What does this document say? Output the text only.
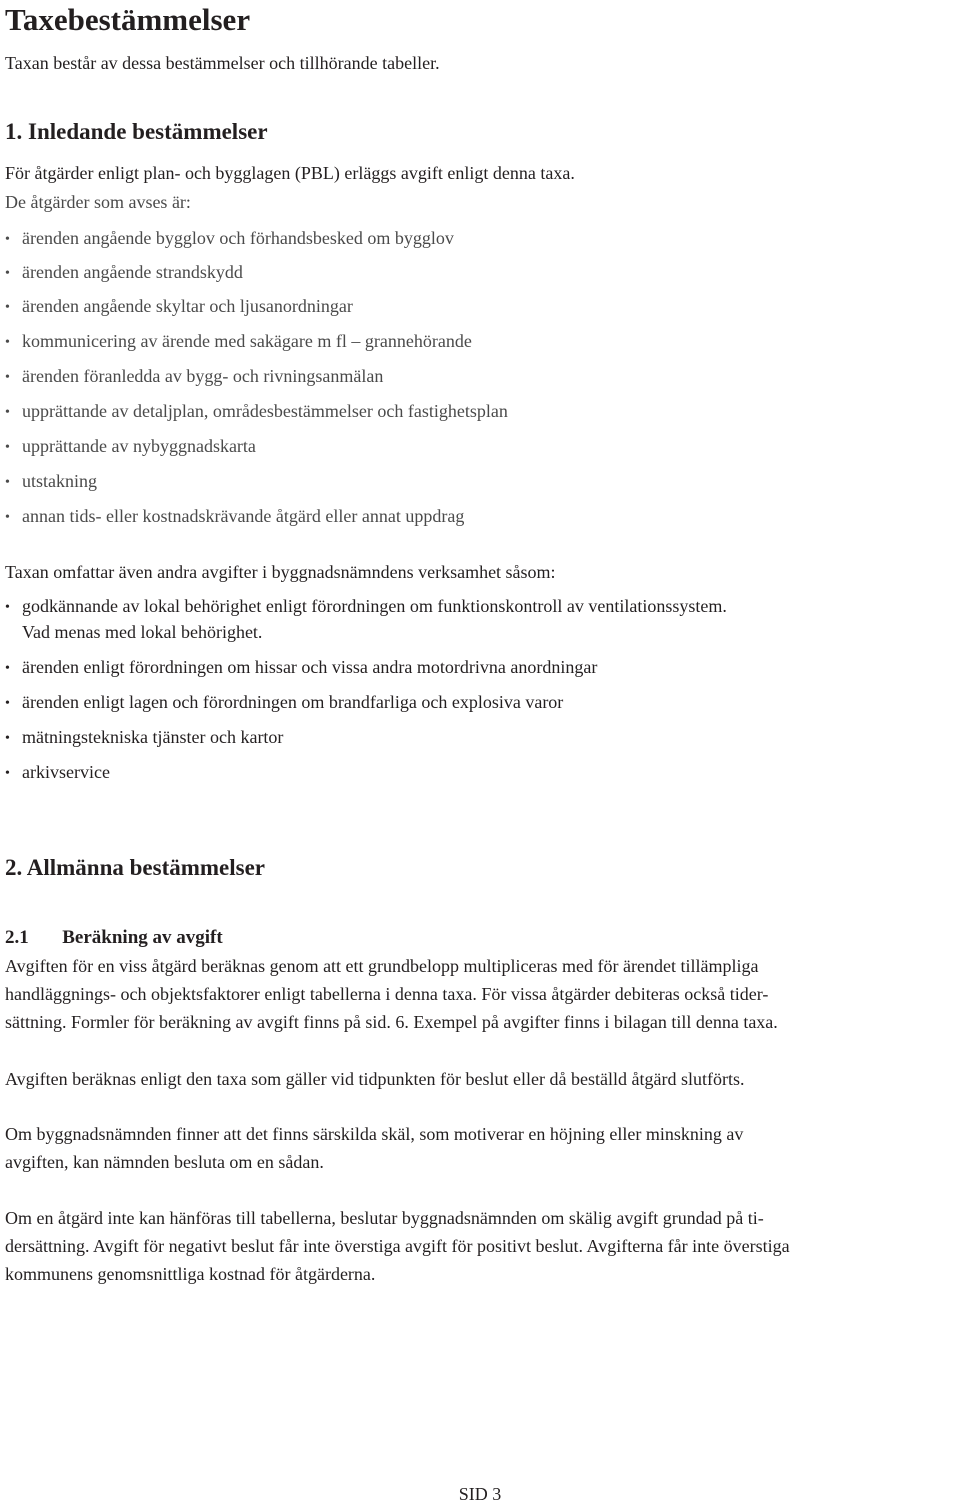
Taxebestämmelser

Taxan består av dessa bestämmelser och tillhörande tabeller.

1. Inledande bestämmelser

För åtgärder enligt plan- och bygglagen (PBL) erläggs avgift enligt denna taxa.

De åtgärder som avses är:

• ärenden angående bygglov och förhandsbesked om bygglov
• ärenden angående strandskydd
• ärenden angående skyltar och ljusanordningar
• kommunicering av ärende med sakägare m fl – grannehörande
• ärenden föranledda av bygg- och rivningsanmälan
• upprättande av detaljplan, områdesbestämmelser och fastighetsplan
• upprättande av nybyggnadskarta
• utstakning
• annan tids- eller kostnadskrävande åtgärd eller annat uppdrag

Taxan omfattar även andra avgifter i byggnadsnämndens verksamhet såsom:

• godkännande av lokal behörighet enligt förordningen om funktionskontroll av ventilationssystem.
Vad menas med lokal behörighet.
• ärenden enligt förordningen om hissar och vissa andra motordrivna anordningar
• ärenden enligt lagen och förordningen om brandfarliga och explosiva varor
• mätningstekniska tjänster och kartor
• arkivservice
2. Allmänna bestämmelser
2.1 Beräkning av avgift
Avgiften för en viss åtgärd beräknas genom att ett grundbelopp multipliceras med för ärendet tillämpliga
handläggnings- och objektsfaktorer enligt tabellerna i denna taxa. För vissa åtgärder debiteras också tider-
sättning. Formler för beräkning av avgift finns på sid. 6. Exempel på avgifter finns i bilagan till denna taxa.
Avgiften beräknas enligt den taxa som gäller vid tidpunkten för beslut eller då beställd åtgärd slutförts.
Om byggnadsnämnden finner att det finns särskilda skäl, som motiverar en höjning eller minskning av
avgiften, kan nämnden besluta om en sådan.
Om en åtgärd inte kan hänföras till tabellerna, beslutar byggnadsnämnden om skälig avgift grundad på ti-
dersättning. Avgift för negativt beslut får inte överstiga avgift för positivt beslut. Avgifterna får inte överstiga
kommunens genomsnittliga kostnad för åtgärderna.
SID 3
